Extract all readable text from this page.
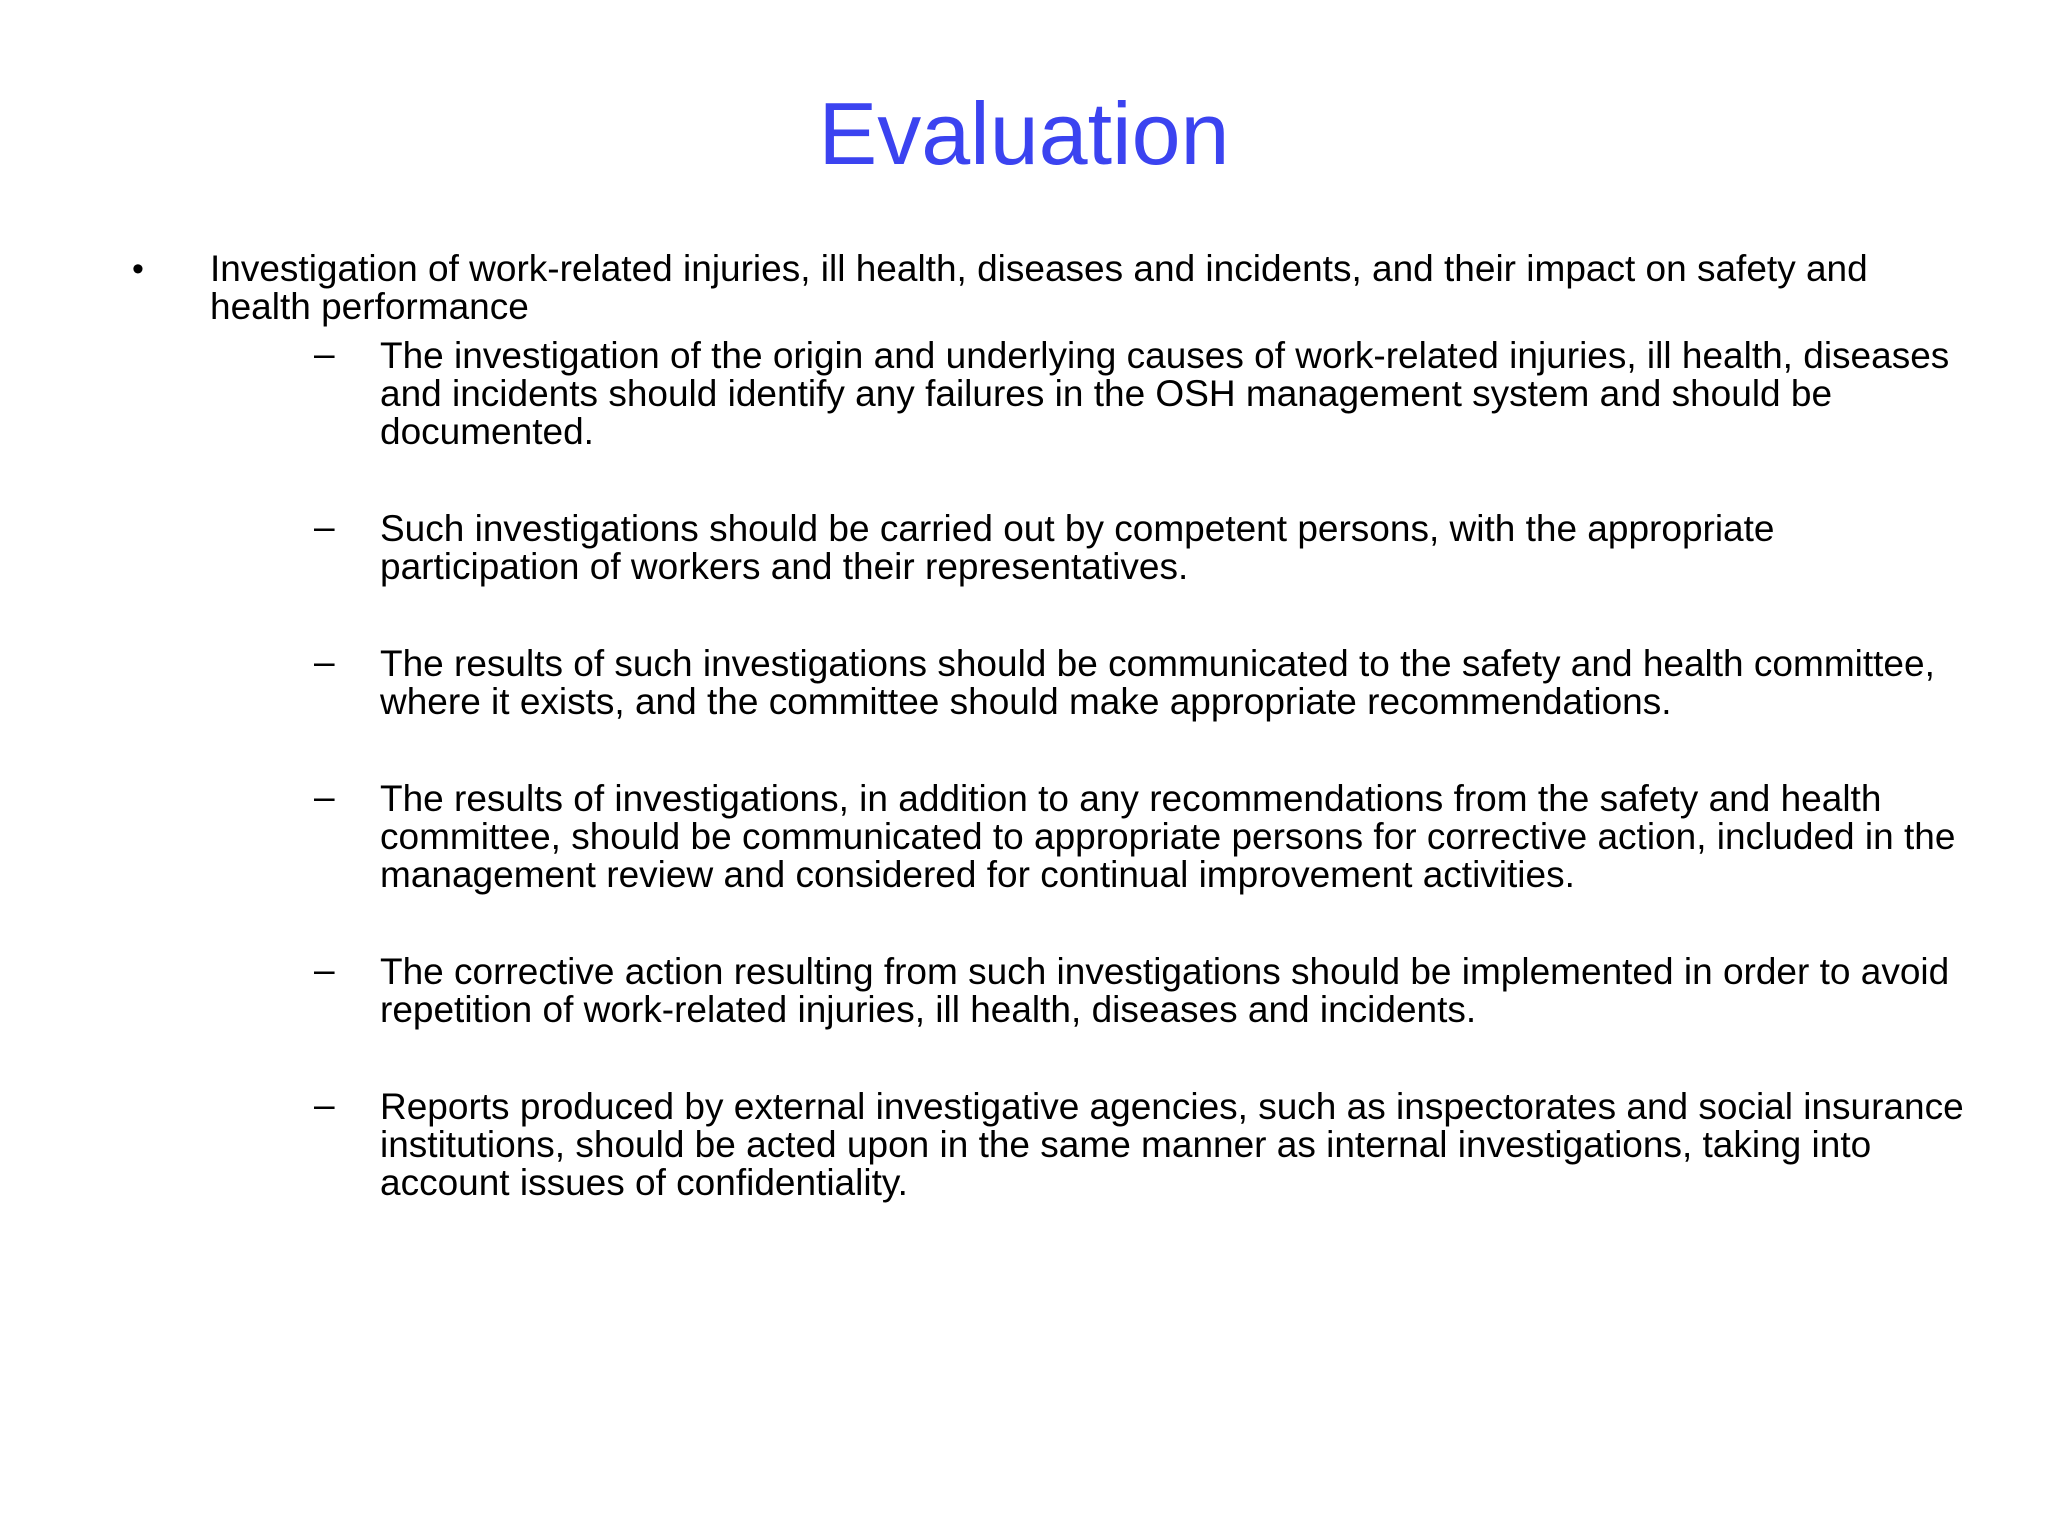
Evaluation
• Investigation of work-related injuries, ill health, diseases and incidents, and their impact on safety and health performance
– The investigation of the origin and underlying causes of work-related injuries, ill health, diseases and incidents should identify any failures in the OSH management system and should be documented.
– Such investigations should be carried out by competent persons, with the appropriate participation of workers and their representatives.
– The results of such investigations should be communicated to the safety and health committee, where it exists, and the committee should make appropriate recommendations.
– The results of investigations, in addition to any recommendations from the safety and health committee, should be communicated to appropriate persons for corrective action, included in the management review and considered for continual improvement activities.
– The corrective action resulting from such investigations should be implemented in order to avoid repetition of work-related injuries, ill health, diseases and incidents.
– Reports produced by external investigative agencies, such as inspectorates and social insurance institutions, should be acted upon in the same manner as internal investigations, taking into account issues of confidentiality.
